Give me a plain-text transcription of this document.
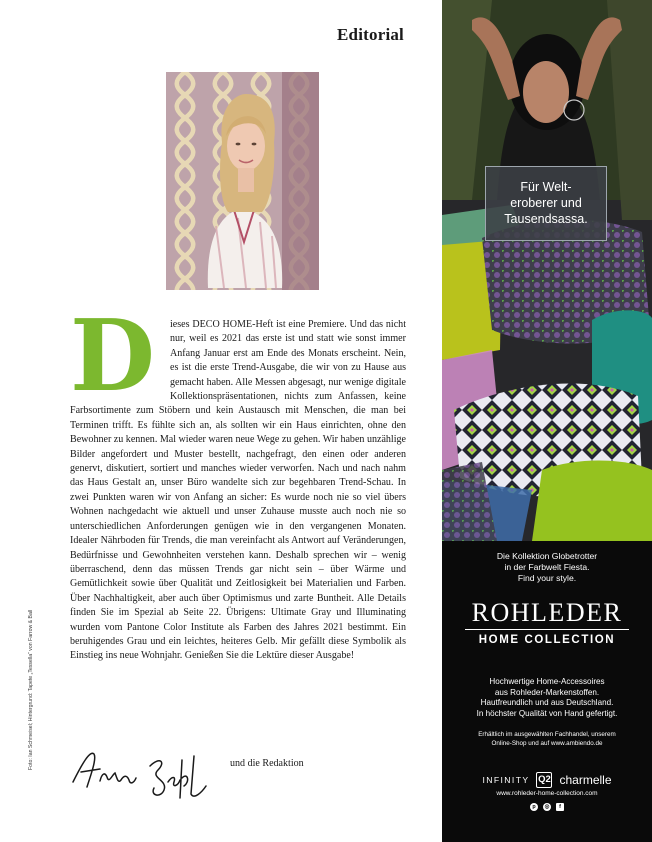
Editorial
D	ieses DECO HOME-Heft ist eine Premiere. Und das nicht nur, weil es 2021 das erste ist und statt wie sonst immer Anfang Januar erst am Ende des Monats erscheint. Nein, es ist die erste Trend-Ausgabe, die wir von zu Hause aus gemacht haben. Alle Messen abgesagt, nur wenige digitale Kollektionspräsentationen, nichts zum Anfassen, keine Farbsortimente zum Stöbern und kein Austausch mit Menschen, die man bei Terminen trifft. Es fühlte sich an, als sollten wir ein Haus einrichten, ohne den Bewohner zu kennen. Mal wieder waren neue Wege zu gehen. Wir haben unzählige Bilder angefordert und Muster bestellt, nachgefragt, den einen oder anderen genervt, diskutiert, sortiert und manches wieder verworfen. Nach und nach nahm das Haus Gestalt an, unser Büro wandelte sich zur begehbaren Trend-Schau. In zwei Punkten waren wir von Anfang an sicher: Es wurde noch nie so viel übers Wohnen nachgedacht wie aktuell und unser Zuhause musste auch noch nie so unterschiedlichen Anforderungen genügen wie in den vergangenen Monaten. Idealer Nährboden für Trends, die man vereinfacht als Antwort auf Veränderungen, Bedürfnisse und Gewohnheiten verstehen kann. Deshalb sprechen wir – wenig überraschend, denn das müssen Trends gar nicht sein – über Wärme und Gemütlichkeit sowie über Qualität und Zeitlosigkeit bei Materialien und Farben. Über Nachhaltigkeit, aber auch über Optimismus und zarte Buntheit. Alle Details finden Sie im Spezial ab Seite 22. Übrigens: Ultimate Gray und Illuminating wurden vom Pantone Color Institute als Farben des Jahres 2021 bestimmt. Ein beruhigendes Grau und ein leichtes, heiteres Gelb. Mir gefällt diese Symbolik als Einstieg ins neue Wohnjahr. Genießen Sie die Lektüre dieser Ausgabe!

und die Redaktion
Foto: Ian Schmeisel; Hintergrund: Tapete „Tessella“ von Farrow & Ball
Für Welt-
eroberer und
Tausendsassa.
Die Kollektion Globetrotter
in der Farbwelt Fiesta.
Find your style.
ROHLEDER
HOME COLLECTION
Hochwertige Home-Accessoires
aus Rohleder-Markenstoffen.
Hautfreundlich und aus Deutschland.
In höchster Qualität von Hand gefertigt.
Erhältlich im ausgewählten Fachhandel, unserem
Online-Shop und auf www.ambiendo.de
INFINITY Q2 charmelle
www.rohleder-home-collection.com
p	◎	f
